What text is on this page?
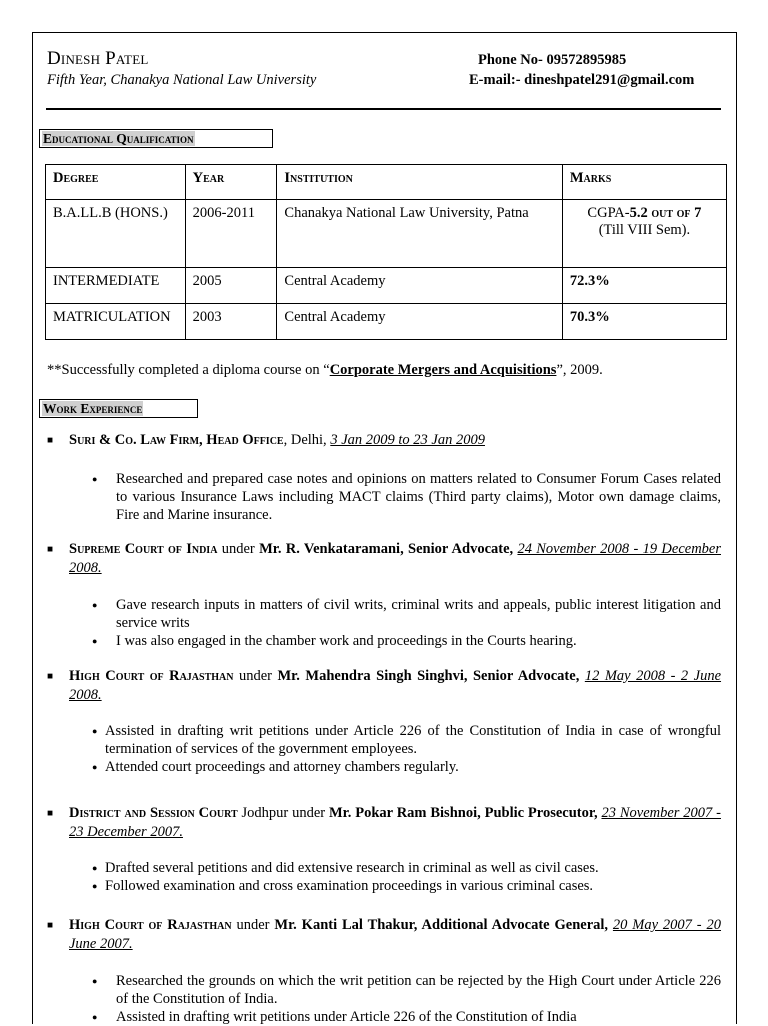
Dinesh Patel
Fifth Year, Chanakya National Law University
Phone No- 09572895985
E-mail:- dineshpatel291@gmail.com
Educational Qualification
Degree	Year	Institution	Marks
B.A.LL.B (HONS.)	2006-2011	Chanakya National Law University, Patna	CGPA-5.2 out of 7
(Till VIII Sem).
INTERMEDIATE	2005	Central Academy	72.3%
MATRICULATION	2003	Central Academy	70.3%
**Successfully completed a diploma course on “Corporate Mergers and Acquisitions”, 2009.
Work Experience
■	Suri & Co. Law Firm, Head Office, Delhi, 3 Jan 2009 to 23 Jan 2009
● Researched and prepared case notes and opinions on matters related to Consumer Forum Cases related to various Insurance Laws including MACT claims (Third party claims), Motor own damage claims, Fire and Marine insurance.
■	Supreme Court of India under Mr. R. Venkataramani, Senior Advocate, 24 November 2008 - 19 December 2008.
● Gave research inputs in matters of civil writs, criminal writs and appeals, public interest litigation and service writs
● I was also engaged in the chamber work and proceedings in the Courts hearing.
■	High Court of Rajasthan under Mr. Mahendra Singh Singhvi, Senior Advocate, 12 May 2008 - 2 June 2008.
● Assisted in drafting writ petitions under Article 226 of the Constitution of India in case of wrongful termination of services of the government employees.
● Attended court proceedings and attorney chambers regularly.
■	District and Session Court Jodhpur under Mr. Pokar Ram Bishnoi, Public Prosecutor, 23 November 2007 - 23 December 2007.
● Drafted several petitions and did extensive research in criminal as well as civil cases.
● Followed examination and cross examination proceedings in various criminal cases.
■	High Court of Rajasthan under Mr. Kanti Lal Thakur, Additional Advocate General, 20 May 2007 - 20 June 2007.
● Researched the grounds on which the writ petition can be rejected by the High Court under Article 226 of the Constitution of India.
● Assisted in drafting writ petitions under Article 226 of the Constitution of India
